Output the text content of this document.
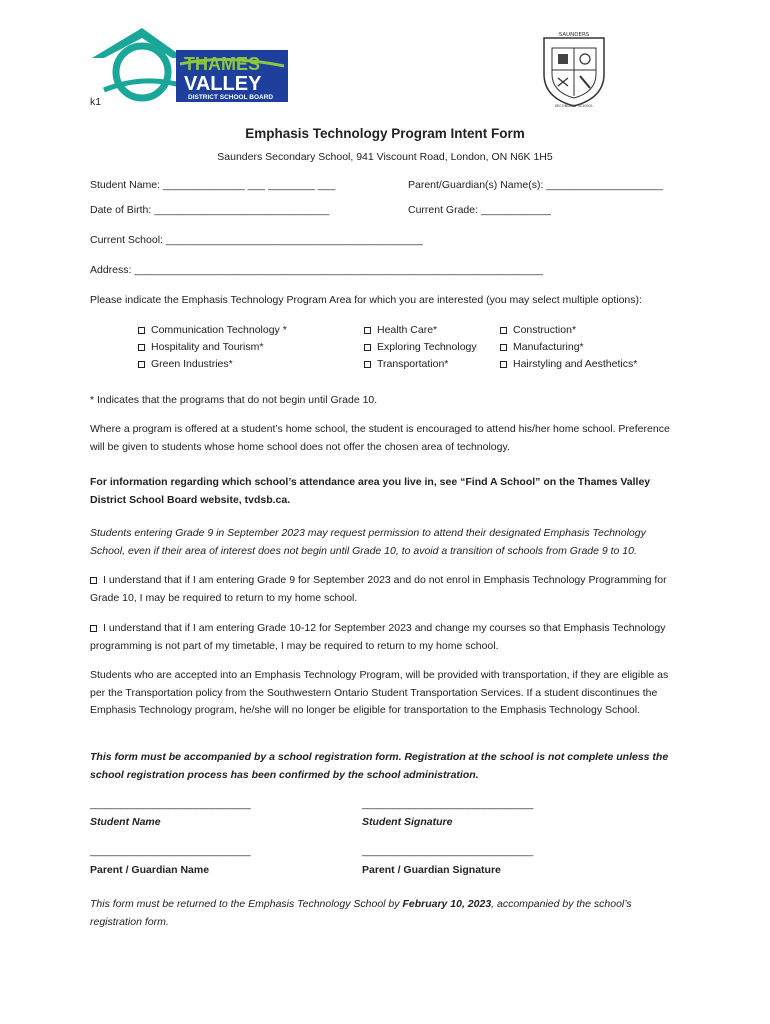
THAMES
VALLEY
DISTRICT SCHOOL BOARD
k1
SAUNDERS
SECONDARY SCHOOL
Emphasis Technology Program Intent Form
Saunders Secondary School, 941 Viscount Road, London, ON N6K 1H5
Student Name: ______________ ___ ________ ___	Parent/Guardian(s) Name(s): ____________________
Date of Birth: ______________________________	Current Grade: ____________
Current School: ____________________________________________
Address: ______________________________________________________________________
Please indicate the Emphasis Technology Program Area for which you are interested (you may select multiple options):
Communication Technology *
Hospitality and Tourism*
Green Industries*
Health Care*
Exploring Technology
Transportation*
Construction*
Manufacturing*
Hairstyling and Aesthetics*
* Indicates that the programs that do not begin until Grade 10.
Where a program is offered at a student’s home school, the student is encouraged to attend his/her home school. Preference will be given to students whose home school does not offer the chosen area of technology.
For information regarding which school’s attendance area you live in, see “Find A School” on the Thames Valley District School Board website, tvdsb.ca.
Students entering Grade 9 in September 2023 may request permission to attend their designated Emphasis Technology School, even if their area of interest does not begin until Grade 10, to avoid a transition of schools from Grade 9 to 10.
I understand that if I am entering Grade 9 for September 2023 and do not enrol in Emphasis Technology Programming for Grade 10, I may be required to return to my home school.
I understand that if I am entering Grade 10-12 for September 2023 and change my courses so that Emphasis Technology programming is not part of my timetable, I may be required to return to my home school.
Students who are accepted into an Emphasis Technology Program, will be provided with transportation, if they are eligible as per the Transportation policy from the Southwestern Ontario Student Transportation Services. If a student discontinues the Emphasis Technology program, he/she will no longer be eligible for transportation to the Emphasis Technology School.
This form must be accompanied by a school registration form. Registration at the school is not complete unless the school registration process has been confirmed by the school administration.
______________________________	________________________________
Student Name	Student Signature
______________________________	________________________________
Parent / Guardian Name	Parent / Guardian Signature
This form must be returned to the Emphasis Technology School by February 10, 2023, accompanied by the school’s registration form.
